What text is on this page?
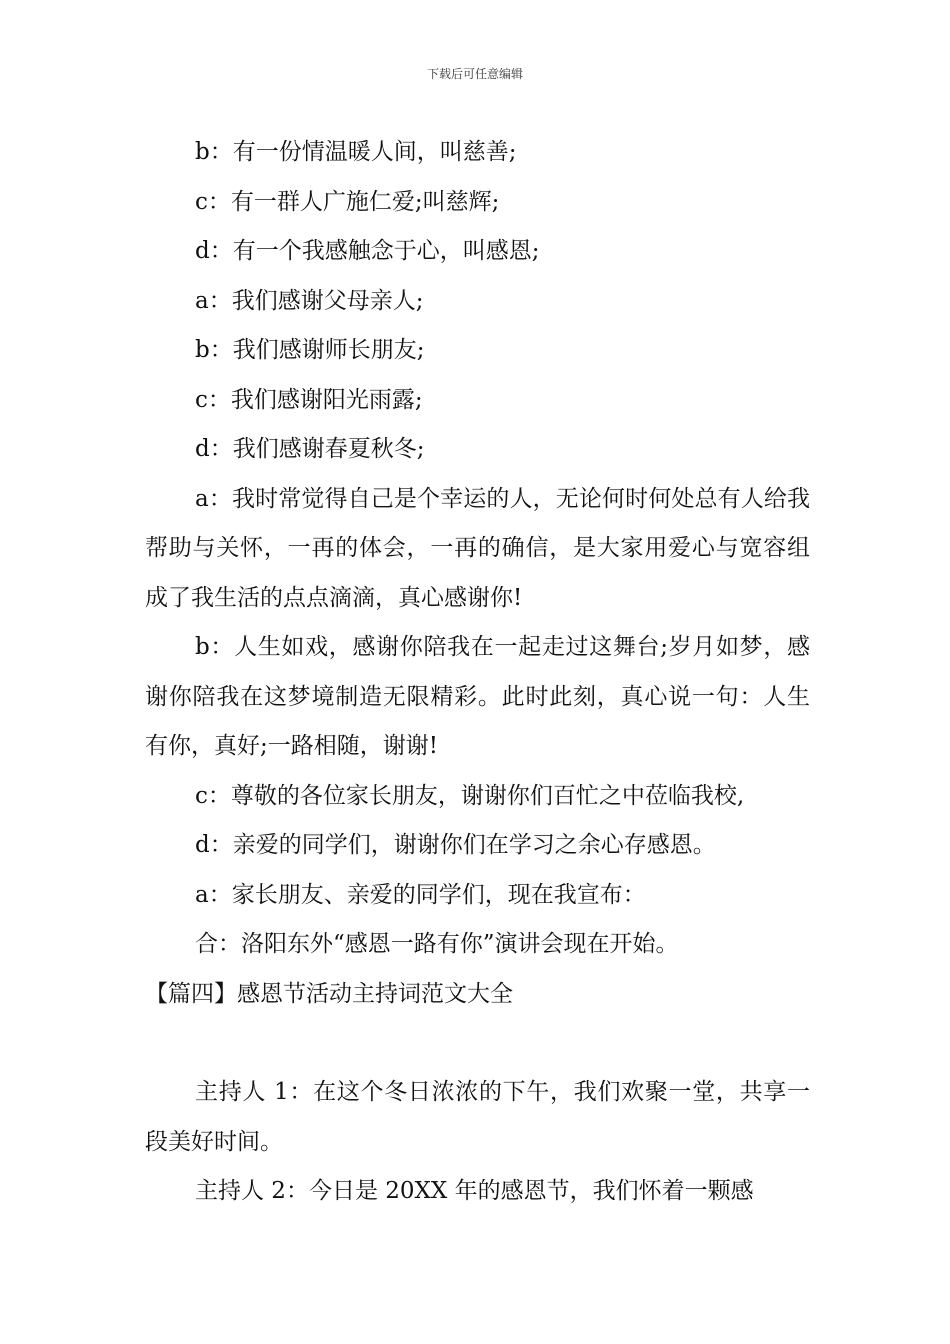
下载后可任意编辑

b：有一份情温暖人间，叫慈善;

c：有一群人广施仁爱;叫慈辉;

d：有一个我感触念于心，叫感恩;

a：我们感谢父母亲人;

b：我们感谢师长朋友;

c：我们感谢阳光雨露;

d：我们感谢春夏秋冬;

a：我时常觉得自己是个幸运的人，无论何时何处总有人给我帮助与关怀，一再的体会，一再的确信，是大家用爱心与宽容组成了我生活的点点滴滴，真心感谢你!

b：人生如戏，感谢你陪我在一起走过这舞台;岁月如梦，感谢你陪我在这梦境制造无限精彩。此时此刻，真心说一句：人生有你，真好;一路相随，谢谢!

c：尊敬的各位家长朋友，谢谢你们百忙之中莅临我校,

d：亲爱的同学们，谢谢你们在学习之余心存感恩。

a：家长朋友、亲爱的同学们，现在我宣布：

合：洛阳东外“感恩一路有你”演讲会现在开始。

【篇四】感恩节活动主持词范文大全

主持人 1：在这个冬日浓浓的下午，我们欢聚一堂，共享一段美好时间。

主持人 2：今日是 20XX 年的感恩节，我们怀着一颗感
